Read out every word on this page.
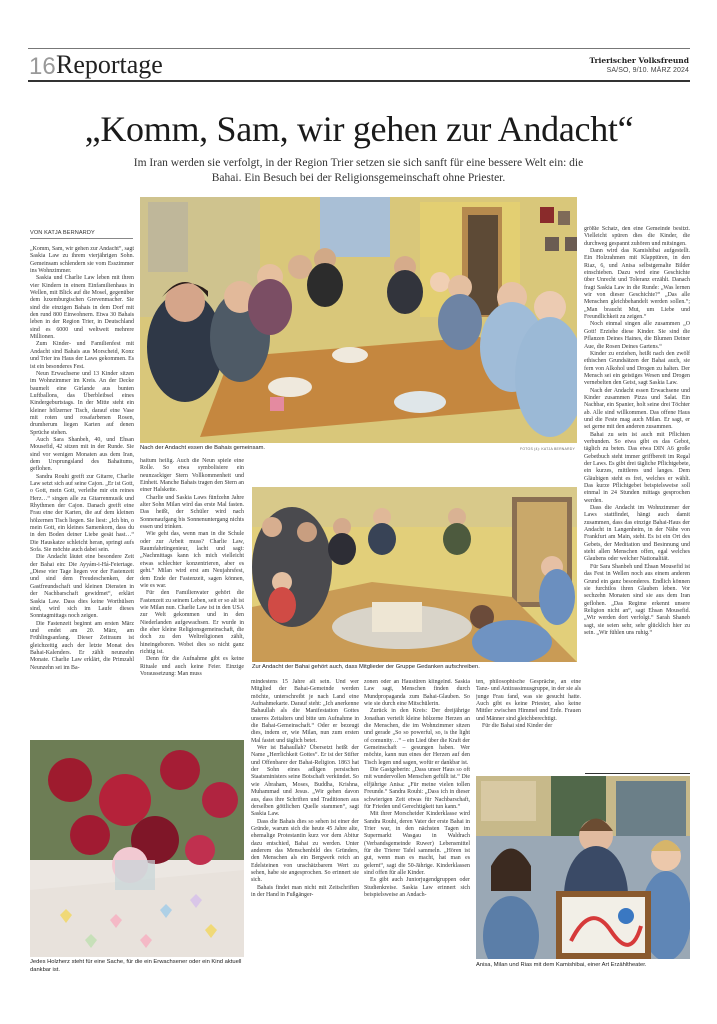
16 Reportage	Trierischer Volksfreund
SA/SO, 9/10. MÄRZ 2024
„Komm, Sam, wir gehen zur Andacht“
Im Iran werden sie verfolgt, in der Region Trier setzen sie sich sanft für eine bessere Welt ein: die Bahai. Ein Besuch bei der Religionsgemeinschaft ohne Priester.
VON KATJA BERNARDY
Nach der Andacht essen die Bahais gemeinsam.	FOTOS (4): KATJA BERNARDY

„Komm, Sam, wir gehen zur Andacht“, sagt Saskia Law zu ihrem vierjährigen Sohn. Gemeinsam schlendern sie vom Esszimmer ins Wohnzimmer.

Saskia und Charlie Law leben mit ihren vier Kindern in einem Einfamilienhaus in Wellen, mit Blick auf die Mosel, gegenüber dem luxemburgischen Grevenmacher. Sie sind die einzigen Bahais in dem Dorf mit den rund 800 Einwohnern. Etwa 30 Bahais leben in der Region Trier, in Deutschland sind es 6000 und weltweit mehrere Millionen.

Zum Kinder- und Familienfest mit Andacht sind Bahais aus Morscheid, Konz und Trier ins Haus der Laws gekommen. Es ist ein besonderes Fest.

Neun Erwachsene und 13 Kinder sitzen im Wohnzimmer im Kreis. An der Decke baumelt eine Girlande aus bunten Luftballons, das Überbleibsel eines Kindergeburtstags. In der Mitte steht ein kleiner hölzerner Tisch, darauf eine Vase mit roten und rosafarbenen Rosen, drumherum liegen Karten auf denen Sprüche stehen.

Auch Sara Shanbeh, 40, und Ehsan Mousefid, 42 sitzen mit in der Runde. Sie sind vor wenigen Monaten aus dem Iran, dem Ursprungsland des Bahaitums, geflohen.

Sandra Rouhi greift zur Gitarre, Charlie Law setzt sich auf seine Cajon. „Er ist Gott, o Gott, mein Gott, verleihe mir ein reines Herz…“ singen alle zu Gitarrenmusik und Rhythmen der Cajon. Danach greift eine Frau eine der Karten, die auf dem kleinen hölzernen Tisch liegen. Sie liest: „Ich bin, o mein Gott, ein kleines Samenkorn, dass du in den Boden deiner Liebe gesät hast…“ Die Hauskatze schleicht heran, springt aufs Sofa. Sie möchte auch dabei sein.

Die Andacht läutet eine besondere Zeit der Bahai ein: Die Ayyám-i-Há-Feiertage. „Diese vier Tage liegen vor der Fastenzeit und sind dem Freudeschenken, der Gastfreundschaft und kleinen Diensten in der Nachbarschaft gewidmet“, erklärt Saskia Law. Dass dies keine Worthülsen sind, wird sich im Laufe dieses Sonntagmittags noch zeigen.

Die Fastenzeit beginnt am ersten März und endet am 20. März, am Frühlingsanfang. Dieser Zeitraum ist gleichzeitig auch der letzte Monat des Bahai-Kalenders. Er zählt neunzehn Monate. Charlie Law erklärt, die Primzahl Neunzehn sei im Ba-

haitum heilig. Auch die Neun spiele eine Rolle. So etwa symbolisiere ein neunzackiger Stern Vollkommenheit und Einheit. Manche Bahais tragen den Stern an einer Halskette.

Charlie und Saskia Laws fünfzehn Jahre alter Sohn Milan wird das erste Mal fasten. Das heißt, der Schüler wird nach Sonnenaufgang bis Sonnenuntergang nichts essen und trinken.

Wie geht das, wenn man in die Schule oder zur Arbeit muss? Charlie Law, Raumfahrtingenieur, lacht und sagt: „Nachmittags kann ich mich vielleicht etwas schlechter konzentrieren, aber es geht.“ Milan wird erst am Neujahrsfest, dem Ende der Fastenzeit, sagen können, wie es war.

Für den Familienvater gehört die Fastenzeit zu seinem Leben, seit er so alt ist wie Milan nun. Charlie Law ist in den USA zur Welt gekommen und in den Niederlanden aufgewachsen. Er wurde in die eher kleine Religionsgemeinschaft, die doch zu den Weltreligionen zählt, hineingeboren. Wobei dies so nicht ganz richtig ist.

Denn für die Aufnahme gibt es keine Rituale und auch keine Feier. Einzige Voraussetzung: Man muss

Zur Andacht der Bahai gehört auch, dass Mitglieder der Gruppe Gedanken aufschreiben.

mindestens 15 Jahre alt sein. Und wer Mitglied der Bahai-Gemeinde werden möchte, unterschreibt je nach Land eine Aufnahmekarte. Darauf steht: „Ich anerkenne Bahaullah als die Manifestation Gottes unseres Zeitalters und bitte um Aufnahme in die Bahai-Gemeinschaft.“ Oder er bezeugt dies, indem er, wie Milan, nun zum ersten Mal fastet und täglich betet.

Wer ist Bahaullah? Übersetzt heißt der Name „Herrlichkeit Gottes“. Er ist der Stifter und Offenbarer der Bahai-Religion. 1863 hat der Sohn eines adligen persischen Staatsministers seine Botschaft verkündet. So wie Abraham, Moses, Buddha, Krishna, Muhammad und Jesus. „Wir gehen davon aus, dass ihre Schriften und Traditionen aus derselben göttlichen Quelle stammen“, sagt Saskia Law.

Dass die Bahais dies so sehen ist einer der Gründe, warum sich die heute 45 Jahre alte, ehemalige Protestantin kurz vor dem Abitur dazu entschied, Bahai zu werden. Unter anderem das Menschenbild des Gründers, den Menschen als ein Bergwerk reich an Edelsteinen von unschätzbarem Wert zu sehen, habe sie angesprochen. So erinnert sie sich.

Bahais findet man nicht mit Zeitschriften in der Hand in Fußgänger-

zonen oder an Haustüren klingelnd. Saskia Law sagt, Menschen finden durch Mundpropaganda zum Bahai-Glauben. So wie sie durch eine Mitschülerin.

Zurück in den Kreis: Der dreijährige Jonathan verteilt kleine hölzerne Herzen an die Menschen, die im Wohnzimmer sitzen und gerade „So so powerful, so, is the light of comunity…“ – ein Lied über die Kraft der Gemeinschaft – gesungen haben. Wer möchte, kann nun eines der Herzen auf den Tisch legen und sagen, wofür er dankbar ist.

Die Gastgeberin: „Dass unser Haus so oft mit wundervollen Menschen gefüllt ist.“ Die elfjährige Anisa: „Für meine vielen tollen Freunde.“ Sandra Rouhi: „Dass ich in dieser schwierigen Zeit etwas für Nachbarschaft, für Frieden und Gerechtigkeit tun kann.“

Mit ihrer Morscheider Kinderklasse wird Sandra Rouhi, deren Vater der erste Bahai in Trier war, in den nächsten Tagen im Supermarkt Wasgau in Waldrach (Verbandsgemeinde Ruwer) Lebensmittel für die Trierer Tafel sammeln. „Hören ist gut, wenn man es macht, hat man es gelernt“, sagt die 50-Jährige. Kinderklassen sind offen für alle Kinder.

Es gibt auch Juniorjugendgruppen oder Studienkreise. Saskia Law erinnert sich beispielsweise an Andach-

ten, philosophische Gespräche, an eine Tanz- und Antirassimusgruppe, in der sie als junge Frau fand, was sie gesucht hatte. Auch gibt es keine Priester, also keine Mittler zwischen Himmel und Erde. Frauen und Männer sind gleichberechtigt.

Für die Bahai sind Kinder der

größte Schatz, den eine Gemeinde besitzt. Vielleicht spüren dies die Kinder, die durchweg gespannt zuhören und mitsingen.

Dann wird das Kamishibai aufgestellt. Ein Holzrahmen mit Klapptüren, in den Riaz, 6, und Anisa selbstgemalte Bilder einschieben. Dazu wird eine Geschichte über Unrecht und Toleranz erzählt. Danach fragt Saskia Law in die Runde: „Was lernen wir von dieser Geschichte?“ „Das alle Menschen gleichbehandelt werden sollen.“; „Man braucht Mut, um Liebe und Freundlichkeit zu zeigen.“

Noch einmal singen alle zusammen „O Gott! Erziehe diese Kinder. Sie sind die Pflanzen Deines Haines, die Blumen Deiner Aue, die Rosen Deines Gartens.“

Kinder zu erziehen, heißt nach den zwölf ethischen Grundsätzen der Bahai auch, sie fern von Alkohol und Drogen zu halten. Der Mensch sei ein geistiges Wesen und Drogen vernebelten den Geist, sagt Saskia Law.

Nach der Andacht essen Erwachsene und Kinder zusammen Pizza und Salat. Ein Nachbar, ein Spanier, holt seine drei Töchter ab. Alle sind willkommen. Das offene Haus und die Feste mag auch Milan. Er sagt, er sei gerne mit den anderen zusammen.

Bahai zu sein ist auch mit Pflichten verbunden. So etwa gibt es das Gebot, täglich zu beten. Das etwa DIN A6 große Gebetbuch steht immer griffbereit im Regal der Laws. Es gibt drei tägliche Pflichtgebete, ein kurzes, mittleres und langes. Dem Gläubigen steht es frei, welches er wählt. Das kurze Pflichtgebet beispielsweise soll einmal in 24 Stunden mittags gesprochen werden.

Dass die Andacht im Wohnzimmer der Laws stattfindet, hängt auch damit zusammen, dass das einzige Bahai-Haus der Andacht in Langenheim, in der Nähe von Frankfurt am Main, steht. Es ist ein Ort des Gebets, der Meditation und Besinnung und steht allen Menschen offen, egal welches Glaubens oder welcher Nationalität.

Für Sara Shanbeh und Ehsan Mousefid ist das Fest in Wellen noch aus einem anderen Grund ein ganz besonderes. Endlich können sie furchtlos ihren Glauben leben. Vor sechzehn Monaten sind sie aus dem Iran geflohen. „Das Regime erkennt unsere Religion nicht an“, sagt Ehsan Mousefid. „Wir werden dort verfolgt.“ Sarah Shaneb sagt, sie seien sehr, sehr glücklich hier zu sein. „Wir fühlen uns ruhig.“

Jedes Holzherz steht für eine Sache, für die ein Erwachsener oder ein Kind aktuell dankbar ist.
Anisa, Milan und Rias mit dem Kamishibai, einer Art Erzähltheater.
